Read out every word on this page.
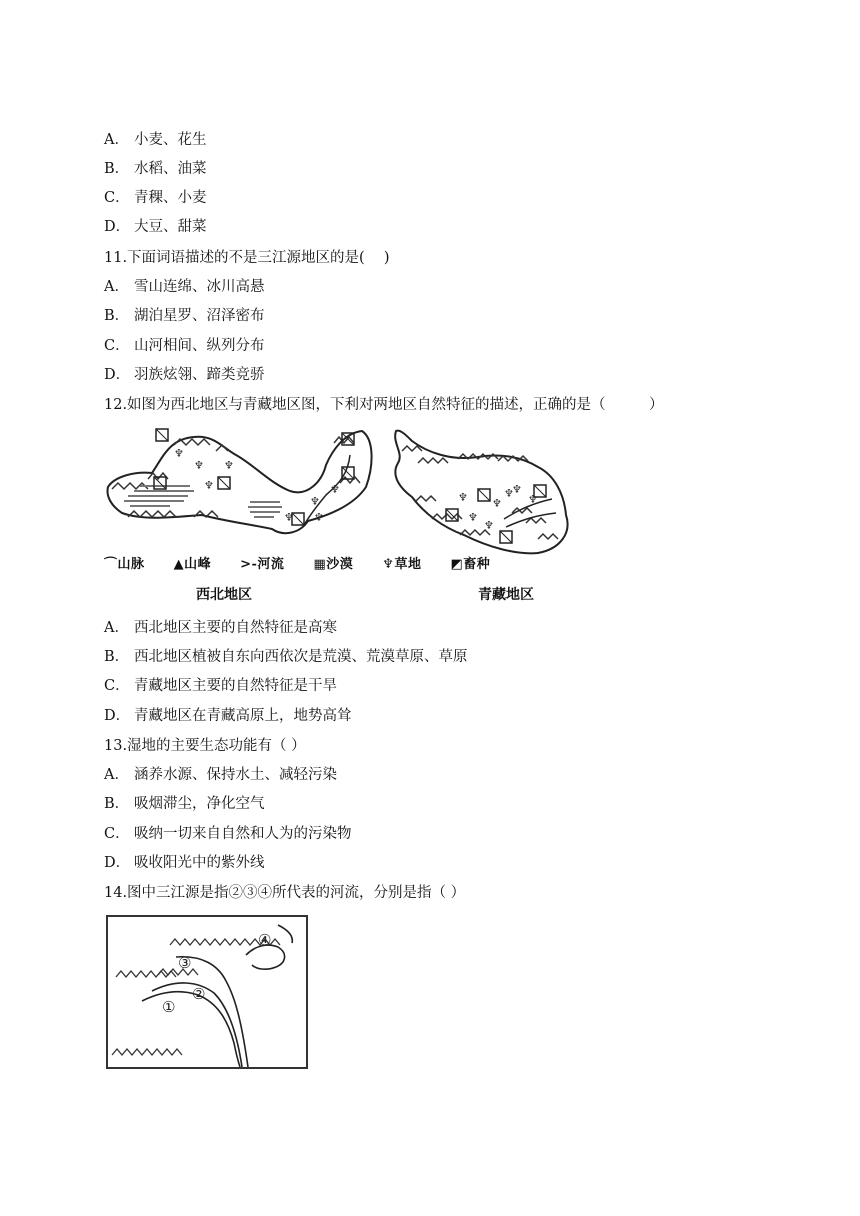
A． 小麦、花生
B． 水稻、油菜
C． 青稞、小麦
D． 大豆、甜菜
11.下面词语描述的不是三江源地区的是(　 )
A． 雪山连绵、冰川高悬
B． 湖泊星罗、沼泽密布
C． 山河相间、纵列分布
D． 羽族炫翎、蹄类竞骄
12.如图为西北地区与青藏地区图，下利对两地区自然特征的描述，正确的是（　　　）
♆
♆
♆
♆
♆
♆
♆
♆	♆
♆
♆
♆
♆
♆
♆
⌒山脉 ▲山峰 >-河流 ▦沙漠 ♆草地 ◩畜种
西北地区	青藏地区
A． 西北地区主要的自然特征是高寒
B． 西北地区植被自东向西依次是荒漠、荒漠草原、草原
C． 青藏地区主要的自然特征是干旱
D． 青藏地区在青藏高原上，地势高耸
13.湿地的主要生态功能有（ ）
A． 涵养水源、保持水土、减轻污染
B． 吸烟滞尘，净化空气
C． 吸纳一切来自自然和人为的污染物
D． 吸收阳光中的紫外线
14.图中三江源是指②③④所代表的河流，分别是指（ ）
①
②
③
④
